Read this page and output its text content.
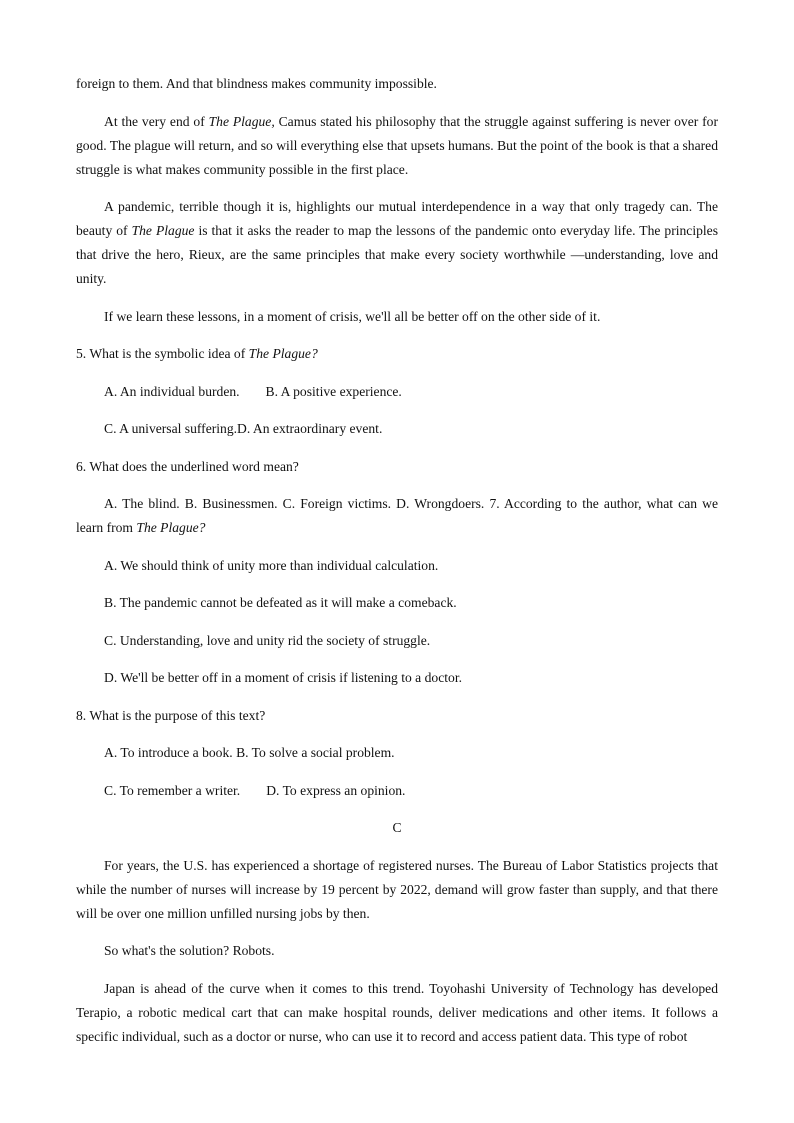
foreign to them. And that blindness makes community impossible.

At the very end of The Plague, Camus stated his philosophy that the struggle against suffering is never over for good. The plague will return, and so will everything else that upsets humans. But the point of the book is that a shared struggle is what makes community possible in the first place.

A pandemic, terrible though it is, highlights our mutual interdependence in a way that only tragedy can. The beauty of The Plague is that it asks the reader to map the lessons of the pandemic onto everyday life. The principles that drive the hero, Rieux, are the same principles that make every society worthwhile —understanding, love and unity.

If we learn these lessons, in a moment of crisis, we'll all be better off on the other side of it.

5. What is the symbolic idea of The Plague?

A. An individual burden. B. A positive experience.

C. A universal suffering.D. An extraordinary event.

6. What does the underlined word mean?

A. The blind. B. Businessmen. C. Foreign victims. D. Wrongdoers. 7. According to the author, what can we learn from The Plague?

A. We should think of unity more than individual calculation.

B. The pandemic cannot be defeated as it will make a comeback.

C. Understanding, love and unity rid the society of struggle.

D. We'll be better off in a moment of crisis if listening to a doctor.

8. What is the purpose of this text?

A. To introduce a book. B. To solve a social problem.

C. To remember a writer. D. To express an opinion.

C

For years, the U.S. has experienced a shortage of registered nurses. The Bureau of Labor Statistics projects that while the number of nurses will increase by 19 percent by 2022, demand will grow faster than supply, and that there will be over one million unfilled nursing jobs by then.

So what's the solution? Robots.

Japan is ahead of the curve when it comes to this trend. Toyohashi University of Technology has developed Terapio, a robotic medical cart that can make hospital rounds, deliver medications and other items. It follows a specific individual, such as a doctor or nurse, who can use it to record and access patient data. This type of robot
